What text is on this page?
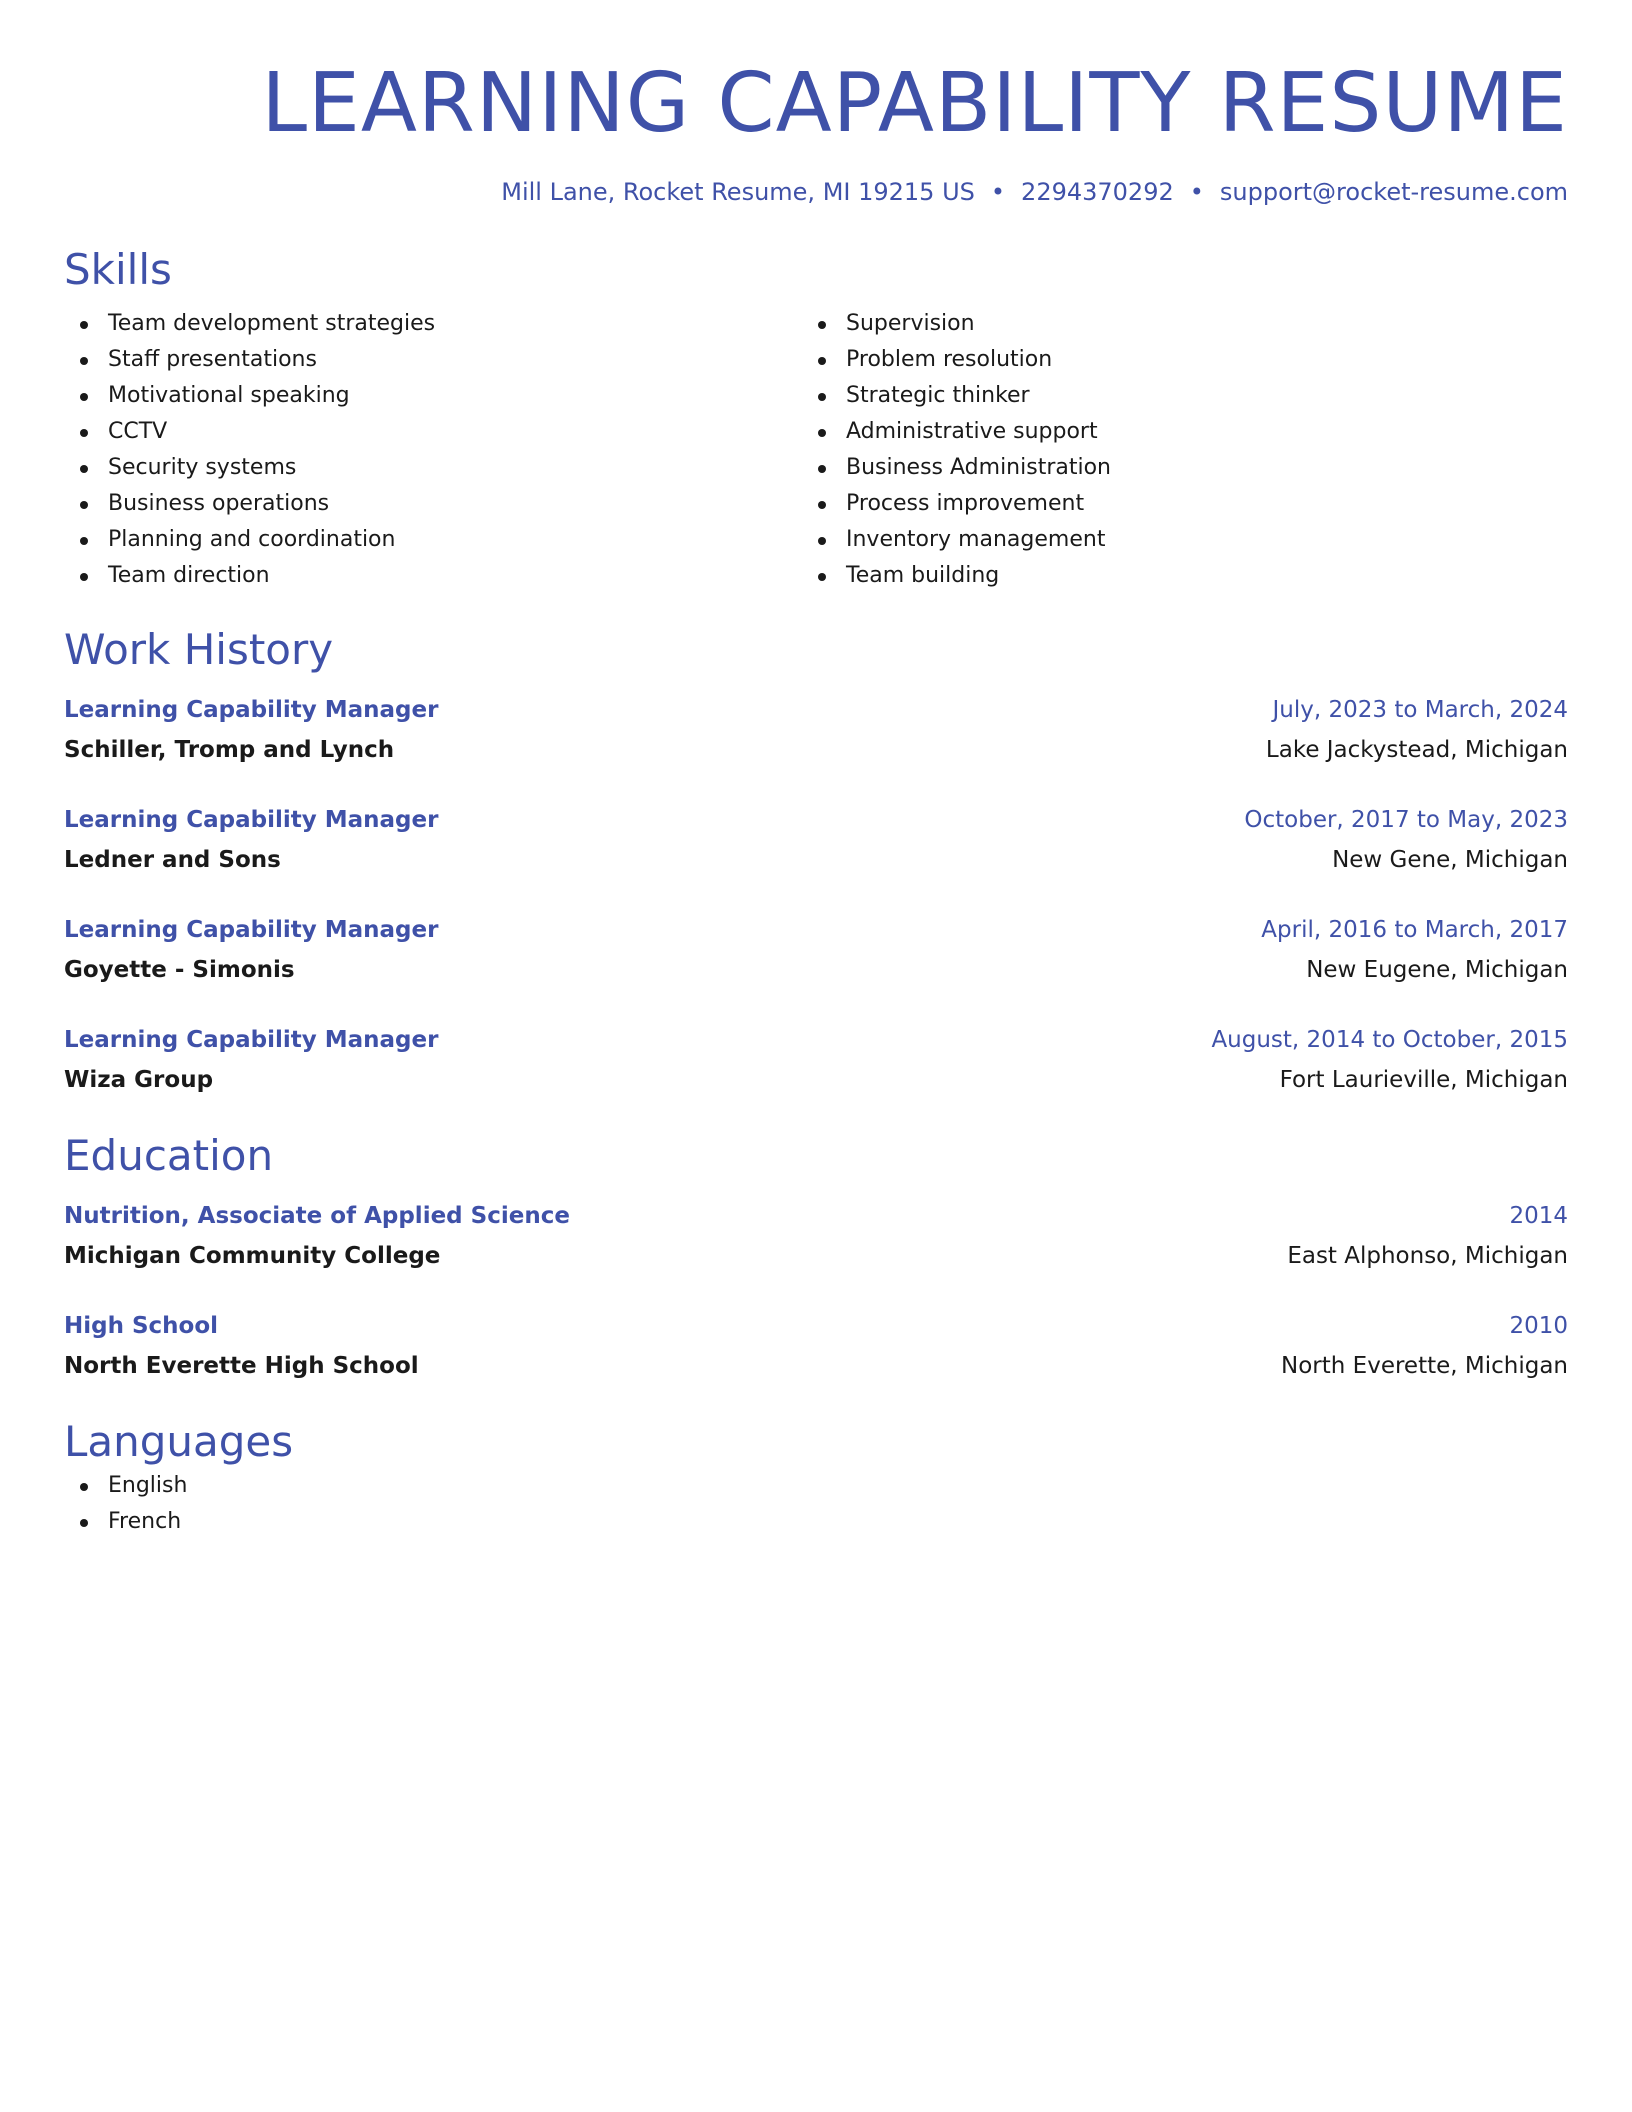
LEARNING CAPABILITY RESUME
Mill Lane, Rocket Resume, MI 19215 US • 2294370292 • support@rocket-resume.com
Skills
Team development strategies
Staff presentations
Motivational speaking
CCTV
Security systems
Business operations
Planning and coordination
Team direction
Supervision
Problem resolution
Strategic thinker
Administrative support
Business Administration
Process improvement
Inventory management
Team building
Work History
Learning Capability Manager	July, 2023 to March, 2024
Schiller, Tromp and Lynch	Lake Jackystead, Michigan
Learning Capability Manager	October, 2017 to May, 2023
Ledner and Sons	New Gene, Michigan
Learning Capability Manager	April, 2016 to March, 2017
Goyette - Simonis	New Eugene, Michigan
Learning Capability Manager	August, 2014 to October, 2015
Wiza Group	Fort Laurieville, Michigan
Education
Nutrition, Associate of Applied Science	2014
Michigan Community College	East Alphonso, Michigan
High School	2010
North Everette High School	North Everette, Michigan
Languages
English
French
